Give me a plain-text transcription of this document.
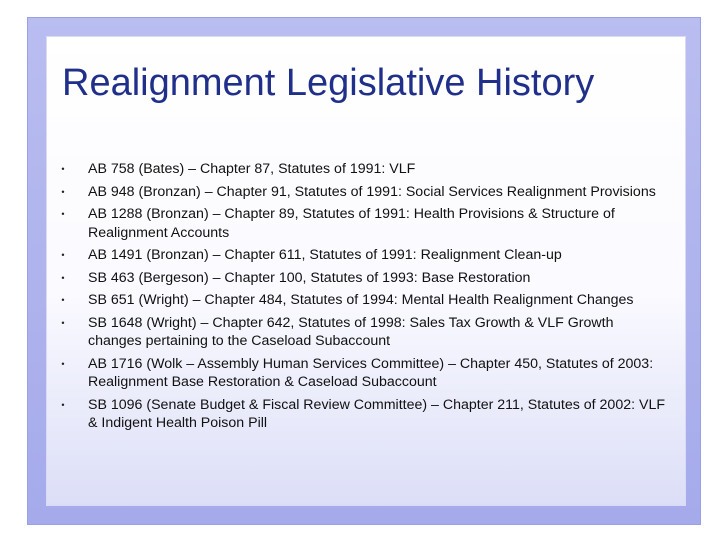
Realignment Legislative History
• AB 758 (Bates) – Chapter 87, Statutes of 1991: VLF
• AB 948 (Bronzan) – Chapter 91, Statutes of 1991: Social Services Realignment Provisions
• AB 1288 (Bronzan) – Chapter 89, Statutes of 1991: Health Provisions & Structure of Realignment Accounts
• AB 1491 (Bronzan) – Chapter 611, Statutes of 1991: Realignment Clean-up
• SB 463 (Bergeson) – Chapter 100, Statutes of 1993: Base Restoration
• SB 651 (Wright) – Chapter 484, Statutes of 1994: Mental Health Realignment Changes
• SB 1648 (Wright) – Chapter 642, Statutes of 1998: Sales Tax Growth & VLF Growth changes pertaining to the Caseload Subaccount
• AB 1716 (Wolk – Assembly Human Services Committee) – Chapter 450, Statutes of 2003: Realignment Base Restoration & Caseload Subaccount
• SB 1096 (Senate Budget & Fiscal Review Committee) – Chapter 211, Statutes of 2002: VLF & Indigent Health Poison Pill
